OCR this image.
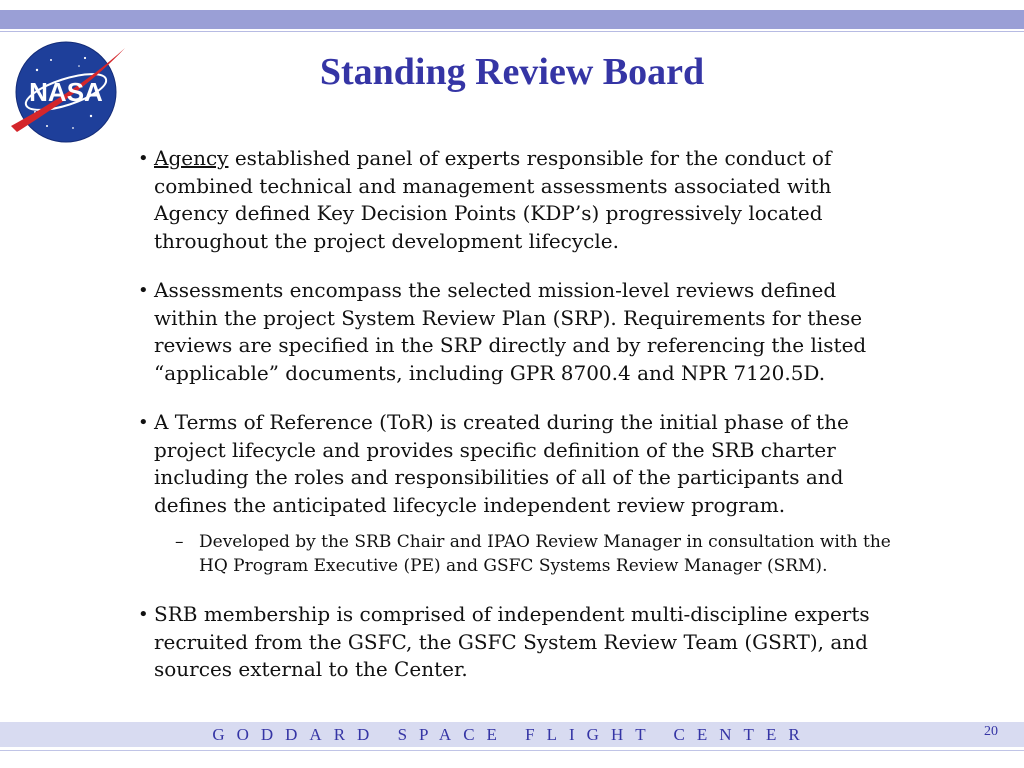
NASA	Standing Review Board

• Agency established panel of experts responsible for the conduct of combined technical and management assessments associated with Agency defined Key Decision Points (KDP’s) progressively located throughout the project development lifecycle.

• Assessments encompass the selected mission-level reviews defined within the project System Review Plan (SRP). Requirements for these reviews are specified in the SRP directly and by referencing the listed “applicable” documents, including GPR 8700.4 and NPR 7120.5D.

• A Terms of Reference (ToR) is created during the initial phase of the project lifecycle and provides specific definition of the SRB charter including the roles and responsibilities of all of the participants and defines the anticipated lifecycle independent review program.

– Developed by the SRB Chair and IPAO Review Manager in consultation with the HQ Program Executive (PE) and GSFC Systems Review Manager (SRM).

• SRB membership is comprised of independent multi-discipline experts recruited from the GSFC, the GSFC System Review Team (GSRT), and sources external to the Center.

GODDARD SPACE FLIGHT CENTER	20
